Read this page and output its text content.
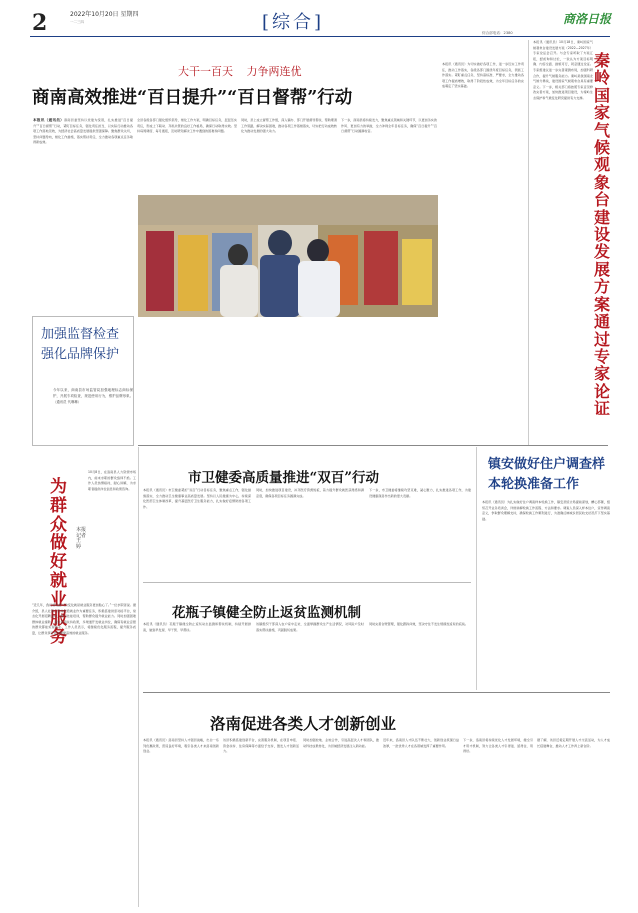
2	2022年10月20日 星期四
一二三四	[综合]	商洛日报
综合部电话：2380
大干一百天 力争两连优
商南高效推进“百日提升”“百日督帮”行动
本报讯（通讯员）商南县委坚持以党建为统领，扎实推进“百日提升”“百日督帮”行动，紧盯目标任务，强化责任担当，以实际行动推动各项工作落地见效，为经济社会高质量发展提供坚强保障。聚焦群众关切，坚持问题导向，细化工作措施，落实帮扶责任，全力推动各项重点任务取得新成效。
全县各级各部门强化组织领导，细化工作方案，明确目标任务，层层压实责任，形成上下联动、齐抓共管的良好工作格局，确保行动取得实效。坚持每周调度、每月通报，及时研究解决工作中遇到的困难和问题。
同时，县上成立督帮工作组，深入镇办、部门开展督导帮扶，帮助理清工作思路，解决实际困难，推动各项工作落细落实，切实把行动成效转化为推动发展的强大动力。
下一步，商南县将持续发力，聚焦重点领域和关键环节，以更加务实的作风、更加有力的举措，全力冲刺全年目标任务，确保“百日提升”“百日督帮”行动圆满收官。
本报讯（通讯员）为切实做好各项工作，进一步压实工作责任，推动工作落实，各级各部门围绕年度目标任务，狠抓工作落实。紧盯重点任务，坚持高标准、严要求，全力推动各项工作提质增效，取得了阶段性成效，为全年目标任务的完成奠定了坚实基础。
本报讯（通讯员）10月18日，秦岭国家气候观象台建设发展方案（2022—2027年）专家论证会召开。与会专家听取了方案汇报，经质询和讨论，一致认为方案目标明确、内容全面、措施可行，同意通过论证。专家组建议进一步完善观测布局，加强科研合作，提升气候服务能力。秦岭是我国南北气候分界线，建设国家气候观象台具有重要意义。下一步，相关部门将按照专家意见修改完善方案，加快推进项目建设，为秦岭生态保护和气候变化研究提供有力支撑。
秦岭国家气候观象台建设发展方案通过专家论证
加强监督检查 强化品牌保护
今年以来，商南县市场监管局加强地理标志商标保护，开展专项检查，规范使用行为，维护品牌形象。（通讯员 代琳琳）
为群众做好就业服务
本报记者 王 婷
10月8日，在洛南县人力资源市场内，前来求职的群众络绎不绝。工作人员热情接待，耐心讲解，为求职者提供岗位信息和政策咨询。
“近几年，我们感觉最大的变化就是就业服务更加贴心了。”一位求职者说。据介绍，县人社部门坚持把稳就业作为重要任务，积极搭建供需对接平台，常态化开展招聘活动，组织技能培训，帮助群众提升就业能力。同时加强困难群体就业援助，落实各项扶持政策，多渠道开发就业岗位，确保有就业意愿的群众都能实现就业。工作人员表示，将继续优化服务流程，提升服务质量，让群众享受更加便捷高效的就业服务。
市卫健委高质量推进“双百”行动
本报讯（通讯员）市卫健委紧扣“双百”行动目标任务，聚焦重点工作，强化措施落实，全力推动卫生健康事业高质量发展。坚持以人民健康为中心，持续深化医药卫生体制改革，提升基层医疗卫生服务能力，扎实做好疫情防控各项工作。
同时，加快推进项目建设，补齐医疗资源短板，着力提升群众就医获得感和满意度，确保各项目标任务圆满完成。
下一步，市卫健委将继续攻坚克难，凝心聚力，扎实推进各项工作，为建设健康商洛作出新的更大贡献。
花瓶子镇健全防止返贫监测机制
本报讯（通讯员）花瓶子镇健全防止返贫动态监测和帮扶机制，持续开展排查，做到早发现、早干预、早帮扶。
该镇组织干部深入农户家中走访，全面掌握群众生产生活情况，对风险户及时落实帮扶措施，巩固脱贫成果。
同时完善台账管理，强化跟踪问效，坚决守住不发生规模性返贫的底线。
镇安做好住户调查样本轮换准备工作
本报讯（通讯员）为扎实做好住户调查样本轮换工作，镇安县统计局提前谋划，精心部署，组织召开业务培训会，详细讲解轮换工作流程、方法和要求。调查人员深入样本住户，宣传调查意义，争取群众理解支持，确保轮换工作顺利进行，为准确反映城乡居民收支状况打下坚实基础。
洛南促进各类人才创新创业
本报讯（通讯员）洛南县坚持人才强县战略，出台一系列优惠政策，营造良好环境，吸引各类人才来洛南创新创业。
该县积极搭建创新平台，完善服务机制，在项目申报、资金扶持、住房保障等方面给予支持，激发人才创新活力。
同时加强校地、企地合作，引进高层次人才和团队，推动科技成果转化，为县域经济发展注入新动能。
近年来，洛南县人才队伍不断壮大，创新创业氛围日益浓厚，一批优秀人才在各领域发挥了重要作用。
下一步，洛南县将持续优化人才发展环境，健全引才用才机制，努力让各类人才引得进、留得住、用得好。
据了解，该县还将定期开展人才交流活动，为人才成长搭建舞台，推动人才工作再上新台阶。
